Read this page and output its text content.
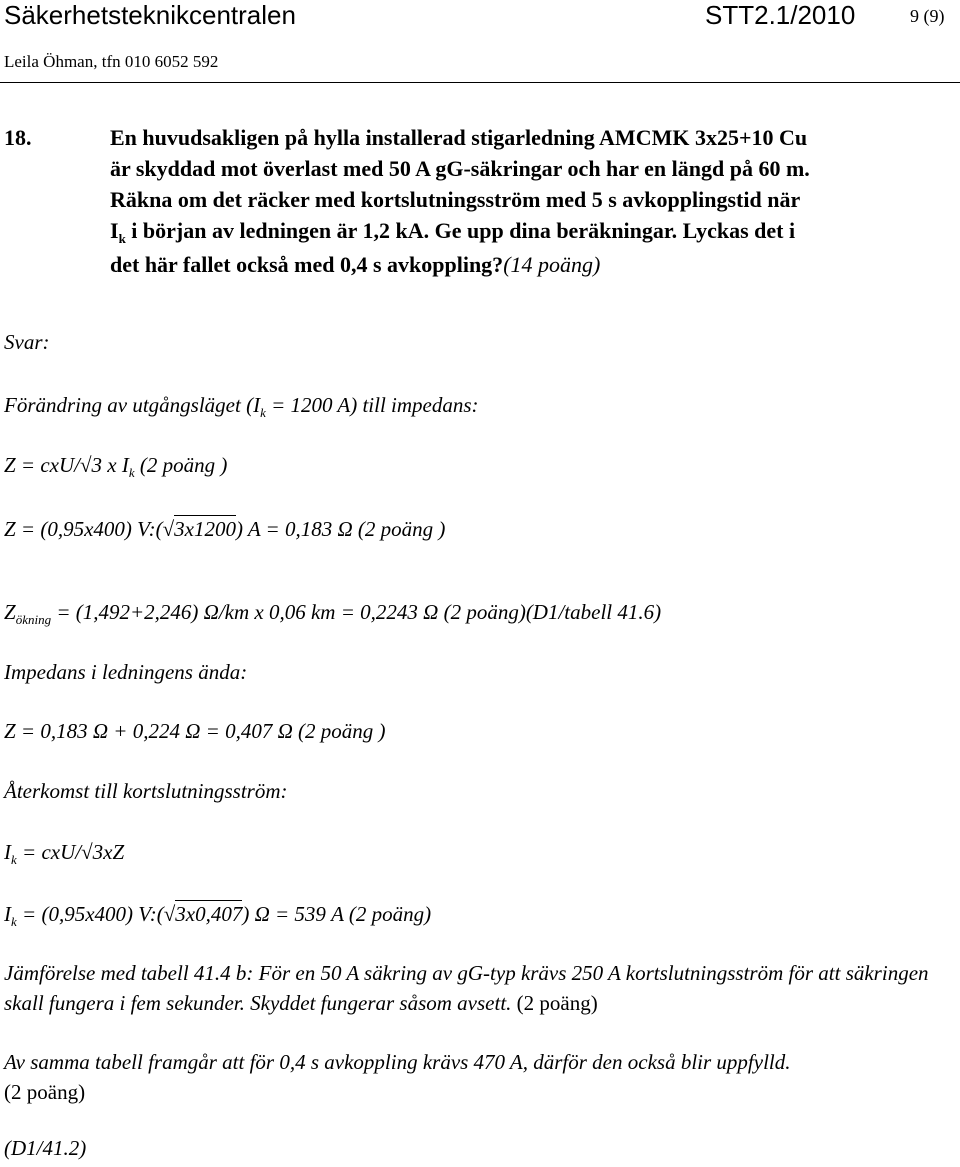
Säkerhetsteknikcentralen	STT2.1/2010	9 (9)
Leila Öhman, tfn 010 6052 592
18.	En huvudsakligen på hylla installerad stigarledning AMCMK 3x25+10 Cu
är skyddad mot överlast med 50 A gG-säkringar och har en längd på 60 m.
Räkna om det räcker med kortslutningsström med 5 s avkopplingstid när
$I_k$ i början av ledningen är 1,2 kA. Ge upp dina beräkningar. Lyckas det i
det här fallet också med 0,4 s avkoppling?(14 poäng)
Svar:
Förändring av utgångsläget ($I_k = 1200$ A) till impedans:
Z = cxU/√3 x $I_k$ (2 poäng )
Z = (0,95x400) V:(√3x1200) A = 0,183 Ω (2 poäng )
$Z_{ökning} = (1,492+2,246)$ Ω/km x 0,06 km = 0,2243 Ω (2 poäng)(D1/tabell 41.6)
Impedans i ledningens ända:
Z = 0,183 Ω + 0,224 Ω = 0,407 Ω (2 poäng )
Återkomst till kortslutningsström:
$I_k = cxU/√3xZ$
$I_k = (0,95x400)$ V:(√3x0,407) Ω = 539 A (2 poäng)
Jämförelse med tabell 41.4 b: För en 50 A säkring av gG-typ krävs 250 A kortslutningsström för att säkringen skall fungera i fem sekunder. Skyddet fungerar såsom avsett. (2 poäng)
Av samma tabell framgår att för 0,4 s avkoppling krävs 470 A, därför den också blir uppfylld.
(2 poäng)
(D1/41.2)
